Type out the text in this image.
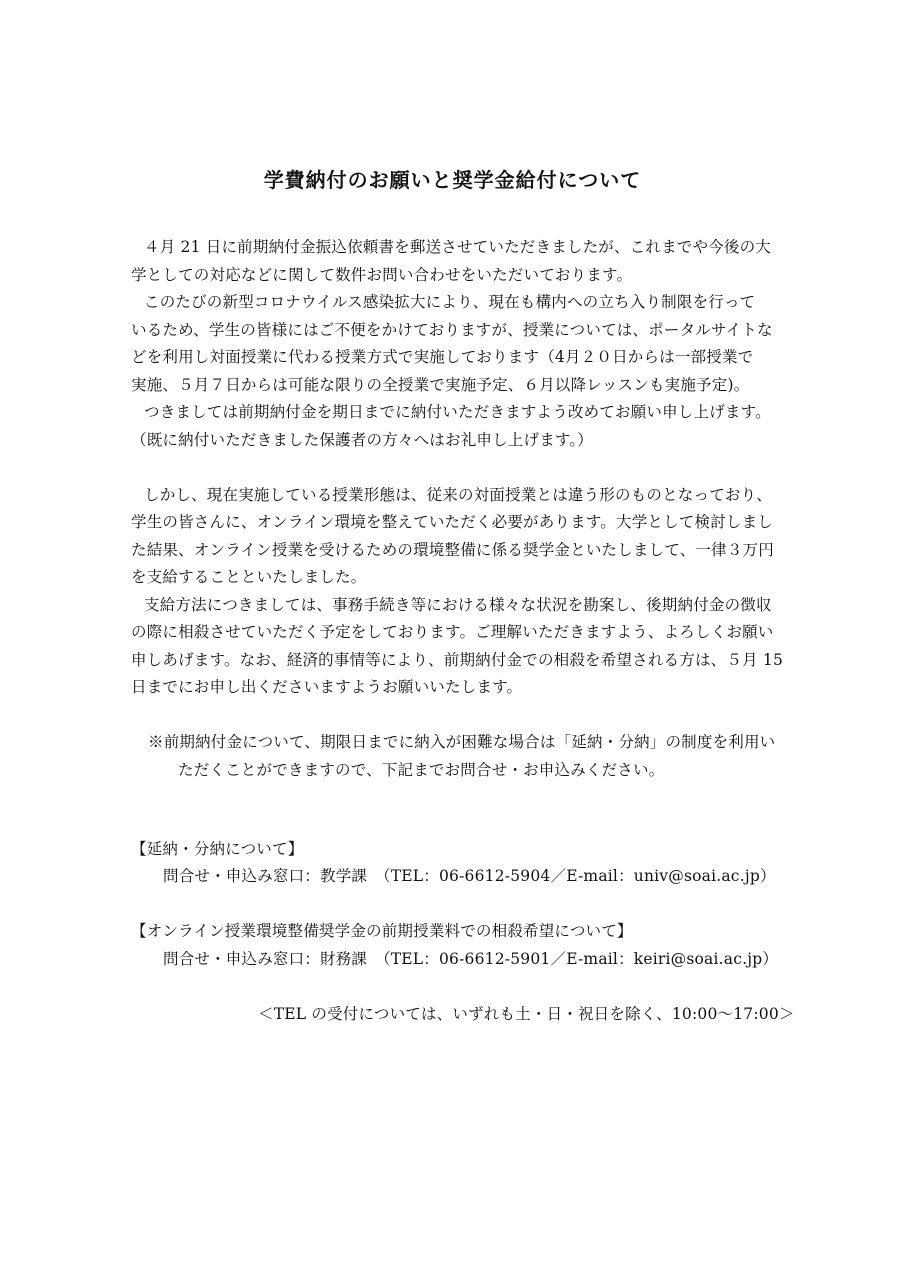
学費納付のお願いと奨学金給付について
４月 21 日に前期納付金振込依頼書を郵送させていただきましたが、これまでや今後の大
学としての対応などに関して数件お問い合わせをいただいております。
このたびの新型コロナウイルス感染拡大により、現在も構内への立ち入り制限を行って
いるため、学生の皆様にはご不便をかけておりますが、授業については、ポータルサイトな
どを利用し対面授業に代わる授業方式で実施しております（4月２０日からは一部授業で
実施、５月７日からは可能な限りの全授業で実施予定、６月以降レッスンも実施予定)。
つきましては前期納付金を期日までに納付いただきますよう改めてお願い申し上げます。
（既に納付いただきました保護者の方々へはお礼申し上げます。）
しかし、現在実施している授業形態は、従来の対面授業とは違う形のものとなっており、
学生の皆さんに、オンライン環境を整えていただく必要があります。大学として検討しまし
た結果、オンライン授業を受けるための環境整備に係る奨学金といたしまして、一律３万円
を支給することといたしました。
支給方法につきましては、事務手続き等における様々な状況を勘案し、後期納付金の徴収
の際に相殺させていただく予定をしております。ご理解いただきますよう、よろしくお願い
申しあげます。なお、経済的事情等により、前期納付金での相殺を希望される方は、５月 15
日までにお申し出くださいますようお願いいたします。
※前期納付金について、期限日までに納入が困難な場合は「延納・分納」の制度を利用い
ただくことができますので、下記までお問合せ・お申込みください。
【延納・分納について】
問合せ・申込み窓口：教学課　（TEL：06-6612-5904／E-mail：univ@soai.ac.jp）
【オンライン授業環境整備奨学金の前期授業料での相殺希望について】
問合せ・申込み窓口：財務課　（TEL：06-6612-5901／E-mail：keiri@soai.ac.jp）
＜TEL の受付については、いずれも土・日・祝日を除く、10:00〜17:00＞
